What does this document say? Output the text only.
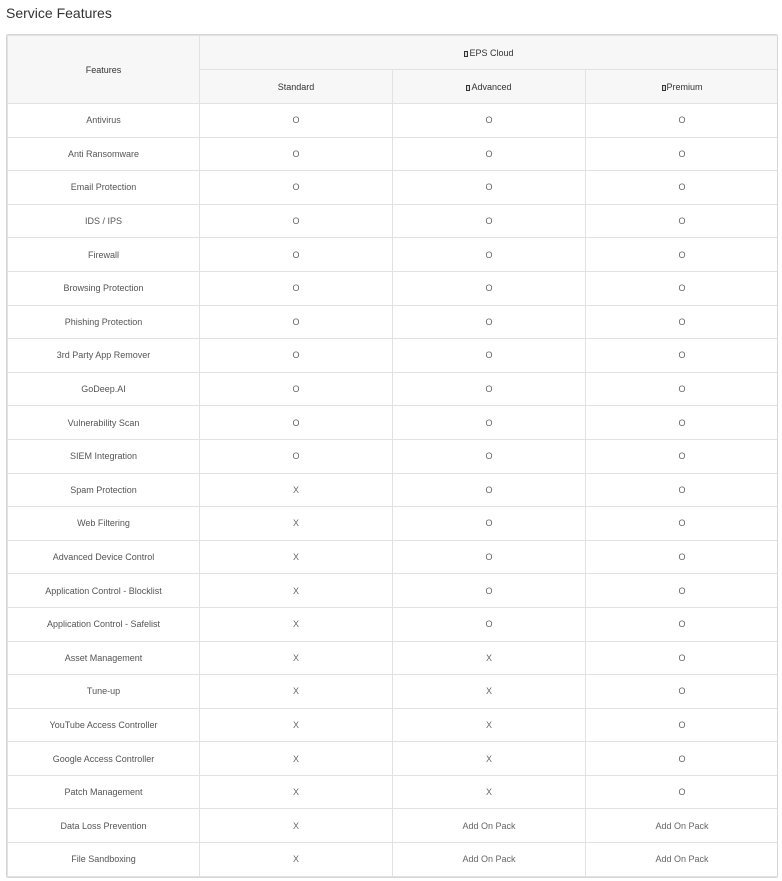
Service Features
Features	EPS Cloud		
	Standard	Advanced	Premium
Antivirus	O	O	O
Anti Ransomware	O	O	O
Email Protection	O	O	O
IDS / IPS	O	O	O
Firewall	O	O	O
Browsing Protection	O	O	O
Phishing Protection	O	O	O
3rd Party App Remover	O	O	O
GoDeep.AI	O	O	O
Vulnerability Scan	O	O	O
SIEM Integration	O	O	O
Spam Protection	X	O	O
Web Filtering	X	O	O
Advanced Device Control	X	O	O
Application Control - Blocklist	X	O	O
Application Control - Safelist	X	O	O
Asset Management	X	X	O
Tune-up	X	X	O
YouTube Access Controller	X	X	O
Google Access Controller	X	X	O
Patch Management	X	X	O
Data Loss Prevention	X	Add On Pack	Add On Pack
File Sandboxing	X	Add On Pack	Add On Pack
